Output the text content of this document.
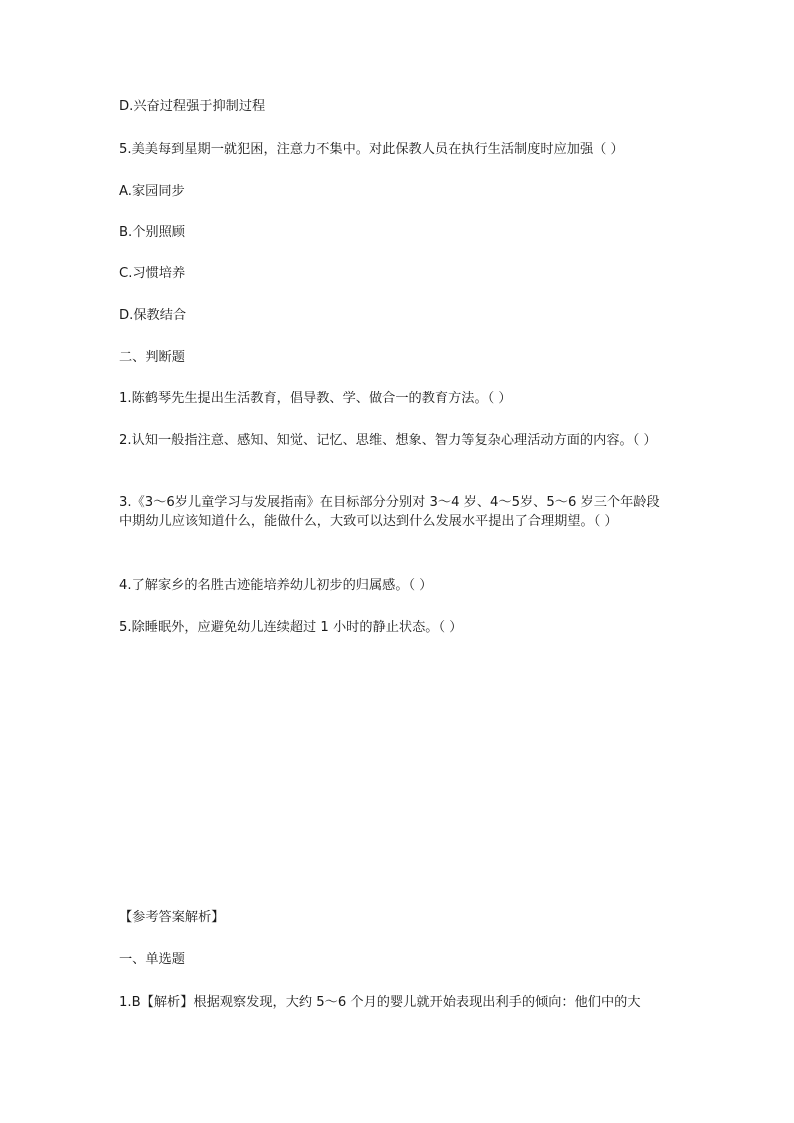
D.兴奋过程强于抑制过程
5.美美每到星期一就犯困，注意力不集中。对此保教人员在执行生活制度时应加强（ ）
A.家园同步
B.个别照顾
C.习惯培养
D.保教结合
二、判断题
1.陈鹤琴先生提出生活教育，倡导教、学、做合一的教育方法。（ ）
2.认知一般指注意、感知、知觉、记忆、思维、想象、智力等复杂心理活动方面的内容。（ ）
3.《3～6岁儿童学习与发展指南》在目标部分分别对 3～4 岁、4～5岁、5～6 岁三个年龄段中期幼儿应该知道什么，能做什么，大致可以达到什么发展水平提出了合理期望。（ ）
4.了解家乡的名胜古迹能培养幼儿初步的归属感。（ ）
5.除睡眠外，应避免幼儿连续超过 1 小时的静止状态。（ ）
【参考答案解析】
一、单选题
1.B【解析】根据观察发现，大约 5～6 个月的婴儿就开始表现出利手的倾向：他们中的大
